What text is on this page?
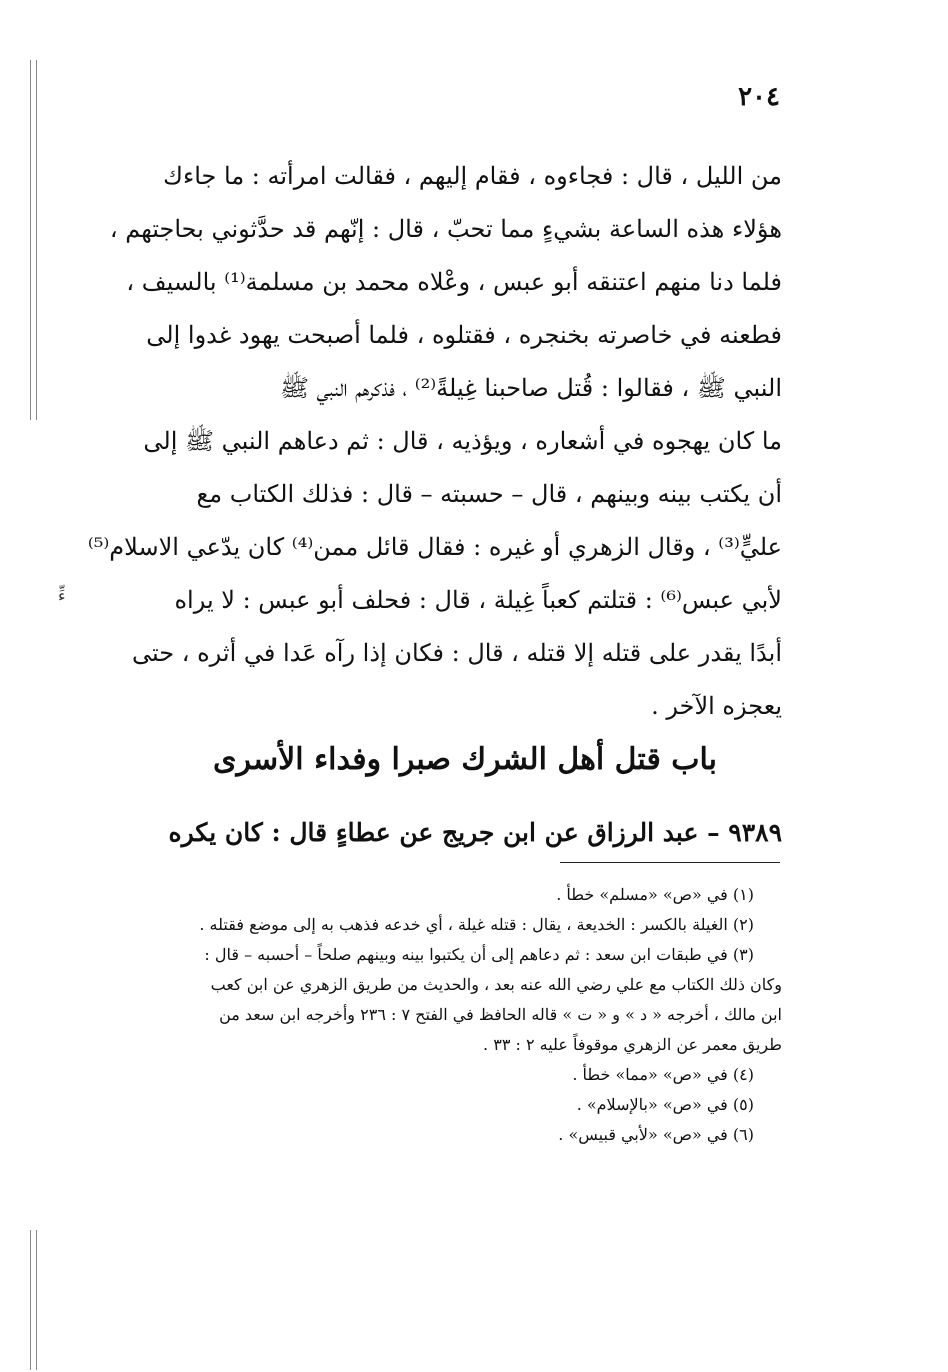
٢٠٤
من الليل ، قال : فجاءوه ، فقام إليهم ، فقالت امرأته : ما جاءك
هؤلاء هذه الساعة بشيءٍ مما تحبّ ، قال : إنّهم قد حدَّثوني بحاجتهم ،
فلما دنا منهم اعتنقه أبو عبس ، وعْلاه محمد بن مسلمة⁽¹⁾ بالسيف ،
فطعنه في خاصرته بخنجره ، فقتلوه ، فلما أصبحت يهود غدوا إلى
النبي ﷺ ، فقالوا : قُتل صاحبنا غِيلةً⁽²⁾ ، فذكرهم النبي ﷺ
ما كان يهجوه في أشعاره ، ويؤذيه ، قال : ثم دعاهم النبي ﷺ إلى
أن يكتب بينه وبينهم ، قال – حسبته – قال : فذلك الكتاب مع
عليٍّ⁽³⁾ ، وقال الزهري أو غيره : فقال قائل ممن⁽⁴⁾ كان يدّعي الاسلام⁽⁵⁾
لأبي عبس⁽⁶⁾ : قتلتم كعباً غِيلة ، قال : فحلف أبو عبس : لا يراه
أبدًا يقدر على قتله إلا قتله ، قال : فكان إذا رآه عَدا في أثره ، حتى
يعجزه الآخر .
ءِّ
باب قتل أهل الشرك صبرا وفداء الأسرى
٩٣٨٩ – عبد الرزاق عن ابن جريج عن عطاءٍ قال : كان يكره
(١) في «ص» «مسلم» خطأ .
(٢) الغيلة بالكسر : الخديعة ، يقال : قتله غيلة ، أي خدعه فذهب به إلى موضع فقتله .
(٣) في طبقات ابن سعد : ثم دعاهم إلى أن يكتبوا بينه وبينهم صلحاً – أحسبه – قال :
وكان ذلك الكتاب مع علي رضي الله عنه بعد ، والحديث من طريق الزهري عن ابن كعب
ابن مالك ، أخرجه « د » و « ت » قاله الحافظ في الفتح ٧ : ٢٣٦ وأخرجه ابن سعد من
طريق معمر عن الزهري موقوفاً عليه ٢ : ٣٣ .
(٤) في «ص» «مما» خطأ .
(٥) في «ص» «بالإسلام» .
(٦) في «ص» «لأبي قبيس» .
